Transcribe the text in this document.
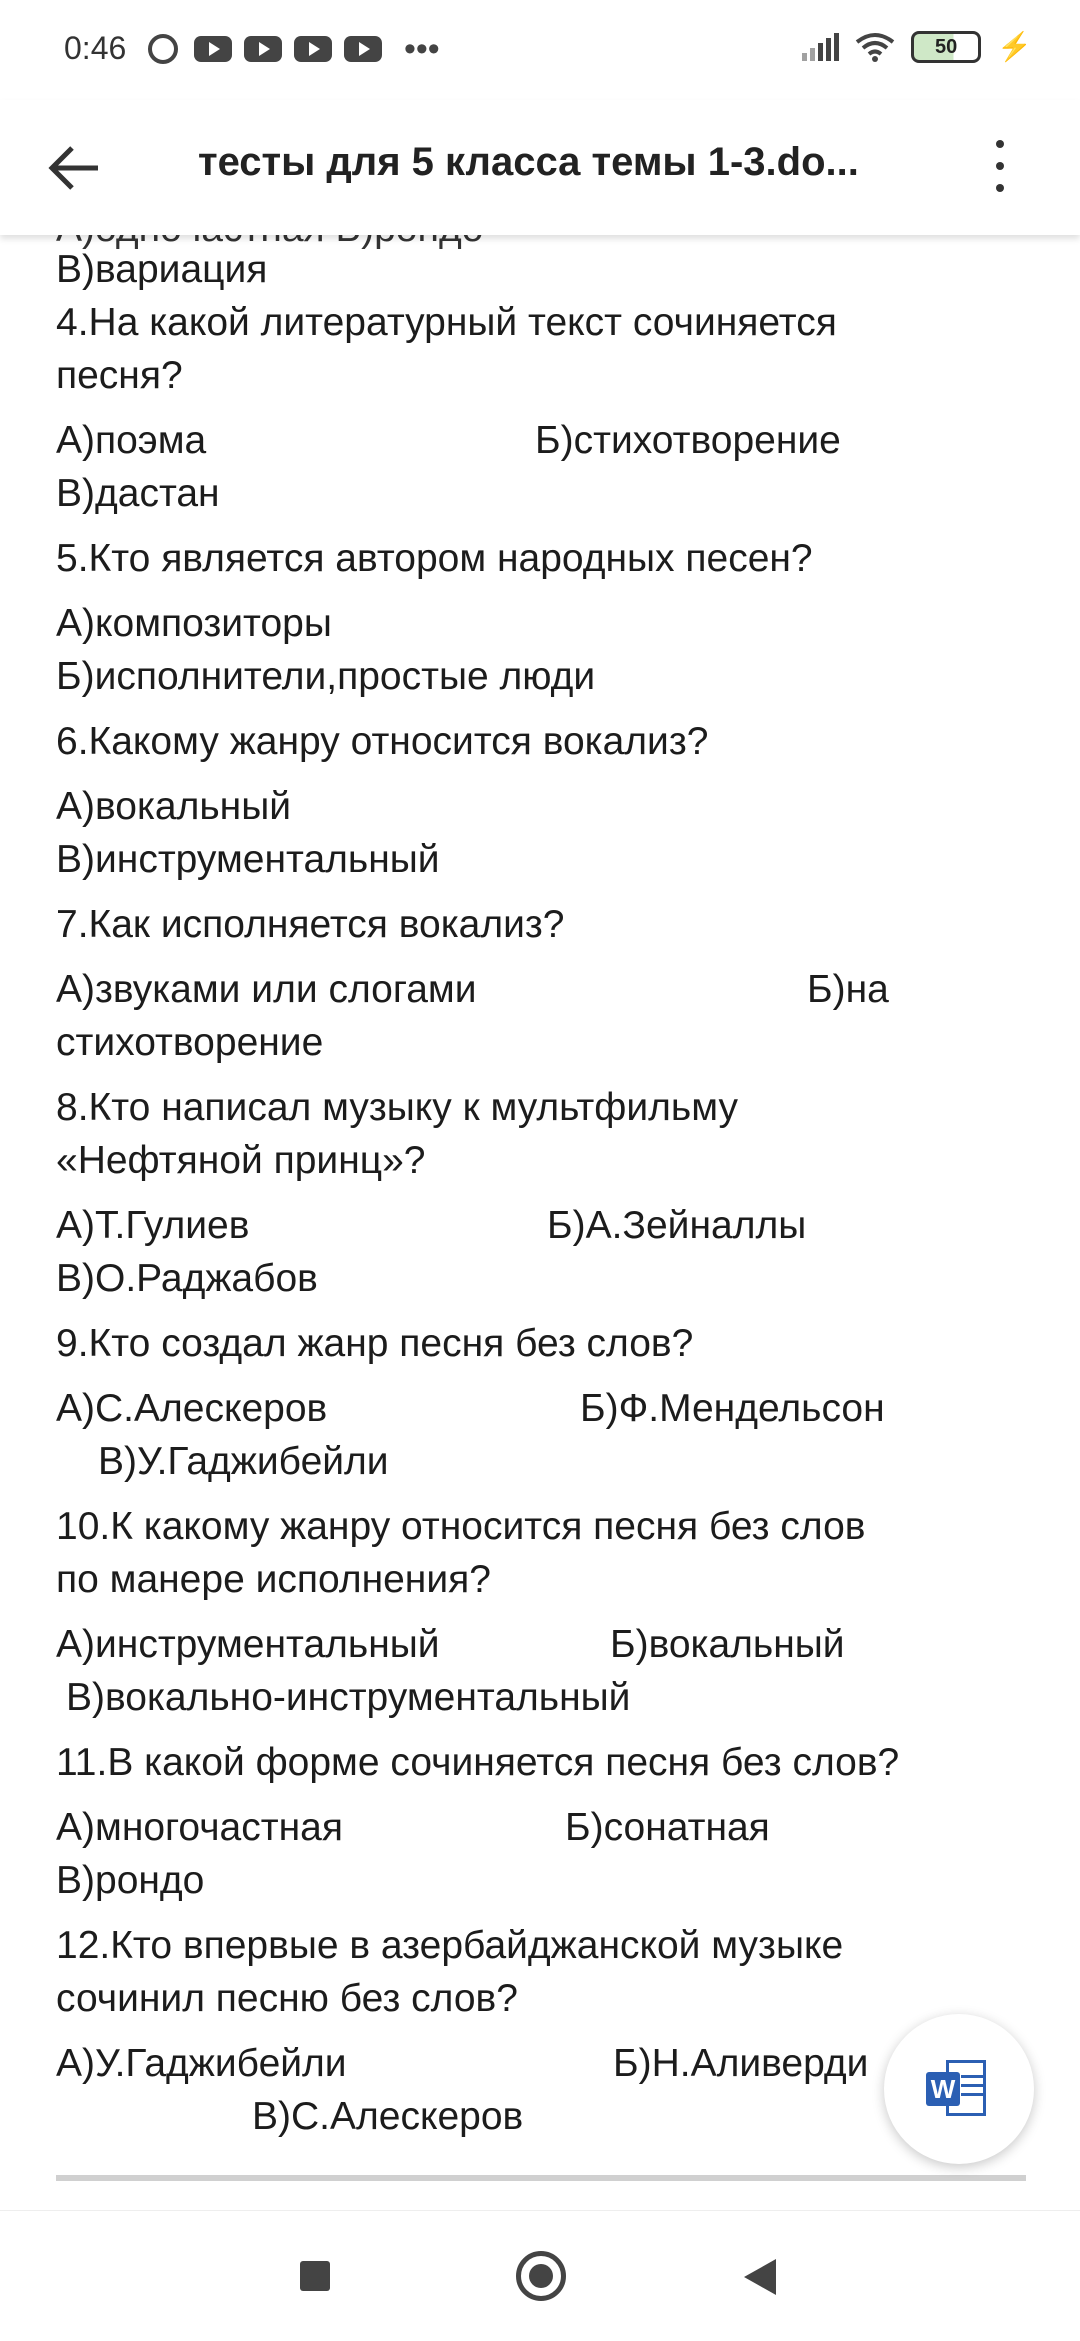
0:46	•••	50	⚡
тесты для 5 класса темы 1-3.do...
В)вариация
4.На какой литературный текст сочиняется
песня?
А)поэма	Б)стихотворение
В)дастан
5.Кто является автором народных песен?
А)композиторы
Б)исполнители,простые люди
6.Какому жанру относится вокализ?
А)вокальный
В)инструментальный
7.Как исполняется вокализ?
А)звуками или слогами	Б)на
стихотворение
8.Кто написал музыку к мультфильму
«Нефтяной принц»?
А)Т.Гулиев	Б)А.Зейналлы
В)О.Раджабов
9.Кто создал жанр песня без слов?
А)С.Алескеров	Б)Ф.Мендельсон
В)У.Гаджибейли
10.К какому жанру относится песня без слов
по манере исполнения?
А)инструментальный	Б)вокальный
В)вокально-инструментальный
11.В какой форме сочиняется песня без слов?
А)многочастная	Б)сонатная
В)рондо
12.Кто впервые в азербайджанской музыке
сочинил песню без слов?
А)У.Гаджибейли	Б)Н.Аливерди
В)С.Алескеров
W
